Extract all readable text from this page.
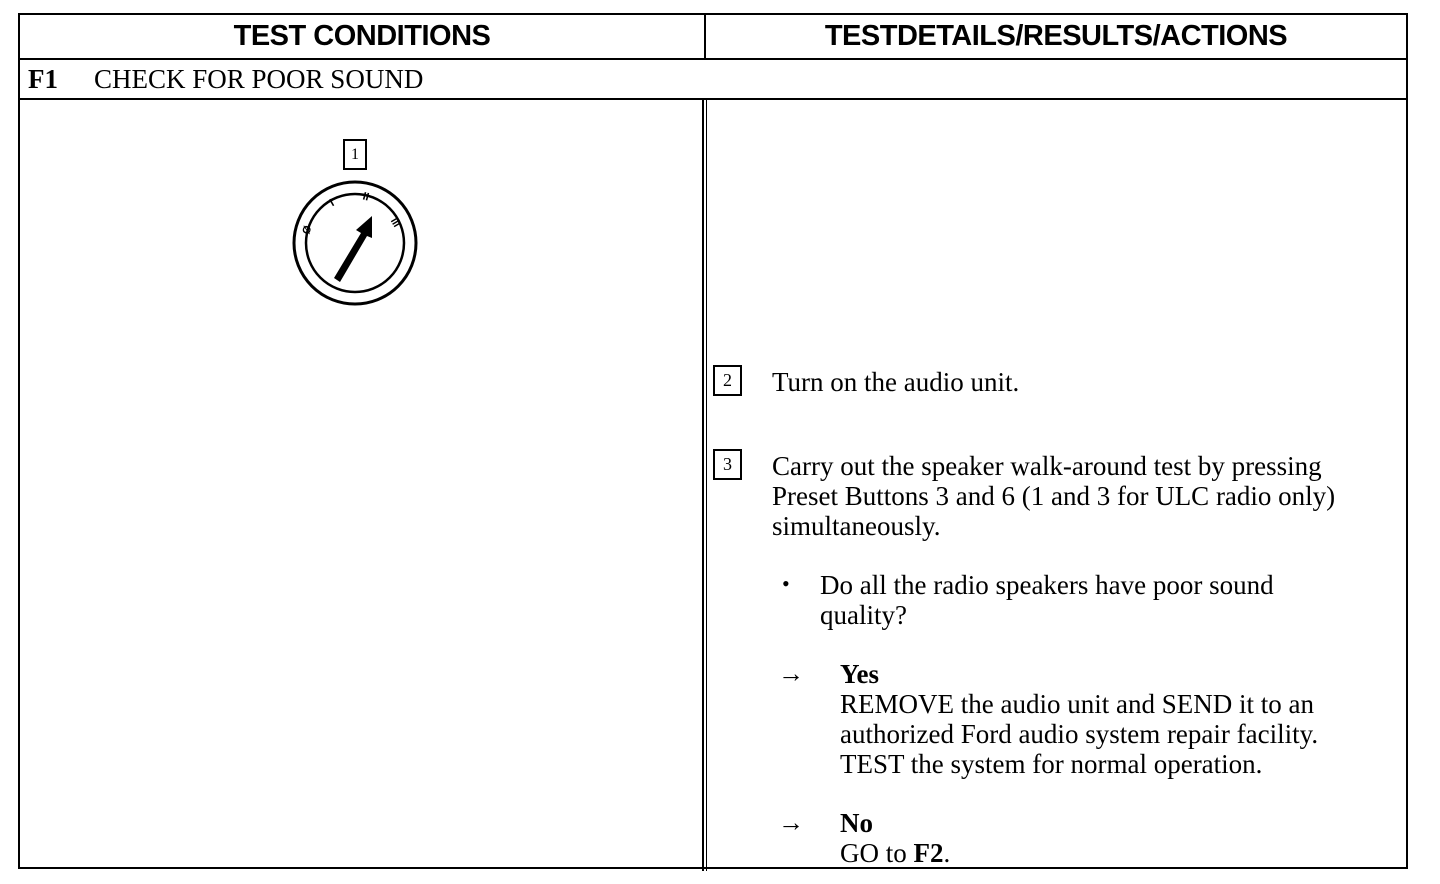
TEST CONDITIONS	TESTDETAILS/RESULTS/ACTIONS
F1	CHECK FOR POOR SOUND
1
Ø
I II
III
2	Turn on the audio unit.
3	Carry out the speaker walk-around test by pressing
Preset Buttons 3 and 6 (1 and 3 for ULC radio only)
simultaneously.
• Do all the radio speakers have poor sound
quality?
→ Yes
REMOVE the audio unit and SEND it to an
authorized Ford audio system repair facility.
TEST the system for normal operation.
→ No
GO to F2.
